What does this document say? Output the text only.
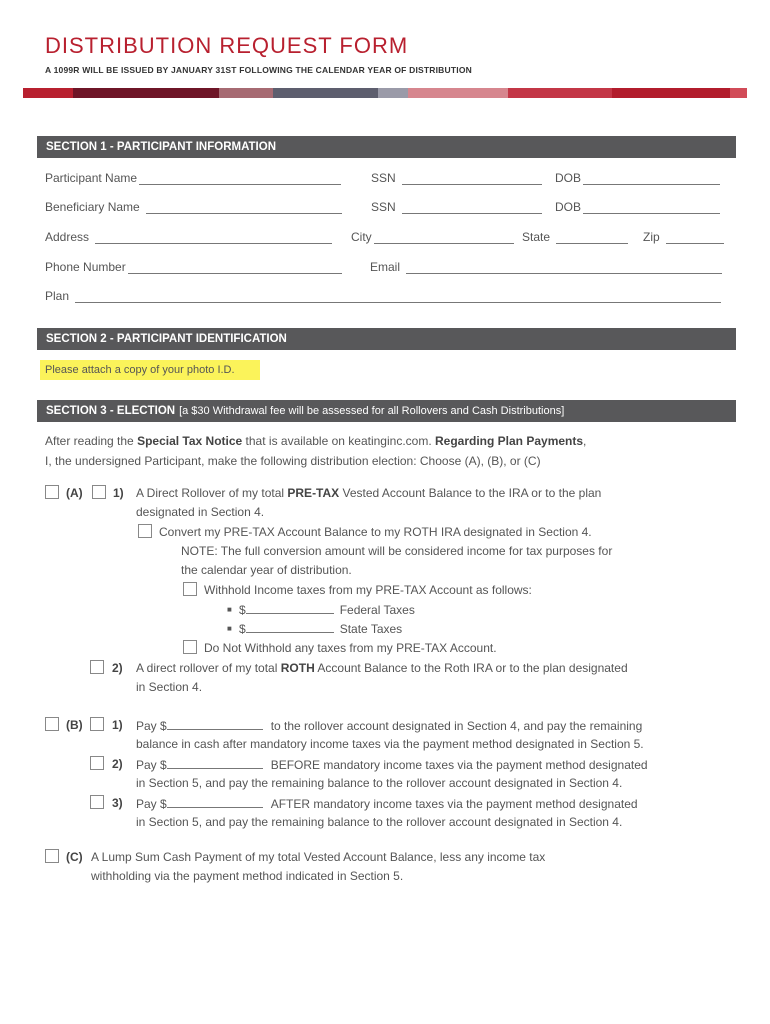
DISTRIBUTION REQUEST FORM
A 1099R WILL BE ISSUED BY JANUARY 31ST FOLLOWING THE CALENDAR YEAR OF DISTRIBUTION
SECTION 1 - PARTICIPANT INFORMATION
Participant Name	SSN	DOB
Beneficiary Name	SSN	DOB
Address	City	State	Zip
Phone Number	Email
Plan
SECTION 2 - PARTICIPANT IDENTIFICATION
Please attach a copy of your photo I.D.
SECTION 3 - ELECTION [a $30 Withdrawal fee will be assessed for all Rollovers and Cash Distributions]
After reading the Special Tax Notice that is available on keatinginc.com. Regarding Plan Payments,
I, the undersigned Participant, make the following distribution election: Choose (A), (B), or (C)
(A)	1) A Direct Rollover of my total PRE-TAX Vested Account Balance to the IRA or to the plan
designated in Section 4.
Convert my PRE-TAX Account Balance to my ROTH IRA designated in Section 4.
NOTE: The full conversion amount will be considered income for tax purposes for
the calendar year of distribution.
Withhold Income taxes from my PRE-TAX Account as follows:
■ $	Federal Taxes
■ $	State Taxes
Do Not Withhold any taxes from my PRE-TAX Account.
2) A direct rollover of my total ROTH Account Balance to the Roth IRA or to the plan designated
in Section 4.
(B) 1) Pay $	to the rollover account designated in Section 4, and pay the remaining
balance in cash after mandatory income taxes via the payment method designated in Section 5.
2) Pay $	BEFORE mandatory income taxes via the payment method designated
in Section 5, and pay the remaining balance to the rollover account designated in Section 4.
3) Pay $	AFTER mandatory income taxes via the payment method designated
in Section 5, and pay the remaining balance to the rollover account designated in Section 4.
(C) A Lump Sum Cash Payment of my total Vested Account Balance, less any income tax
withholding via the payment method indicated in Section 5.
